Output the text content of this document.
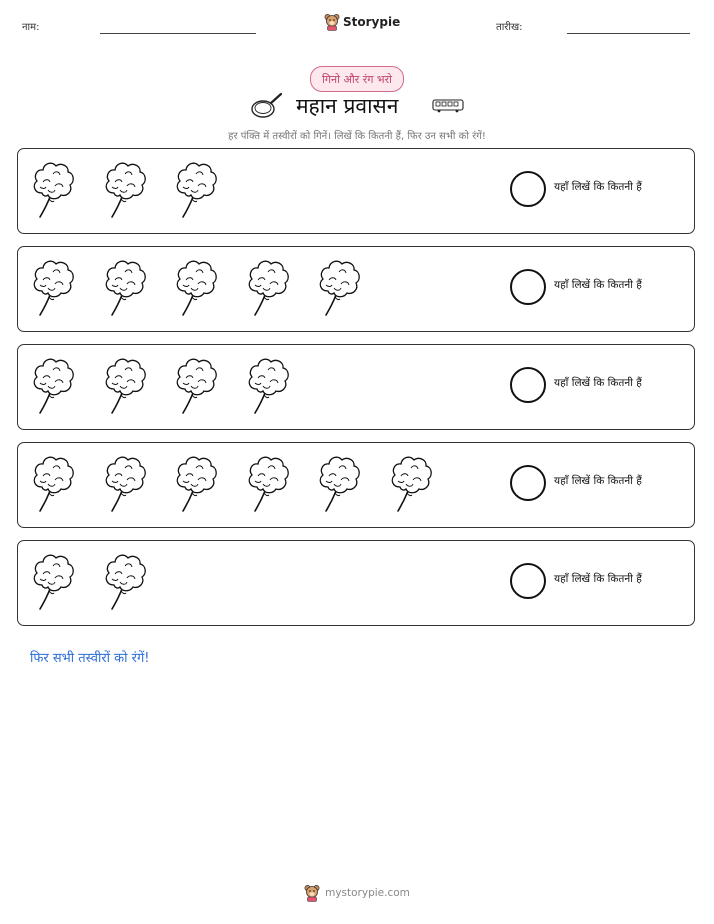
नाम:	Storypie	तारीख:
गिनो और रंग भरो
महान प्रवासन
हर पंक्ति में तस्वीरों को गिनें। लिखें कि कितनी हैं, फिर उन सभी को रंगें!
यहाँ लिखें कि कितनी हैं
यहाँ लिखें कि कितनी हैं
यहाँ लिखें कि कितनी हैं
यहाँ लिखें कि कितनी हैं
यहाँ लिखें कि कितनी हैं
फिर सभी तस्वीरों को रंगें!
mystorypie.com
